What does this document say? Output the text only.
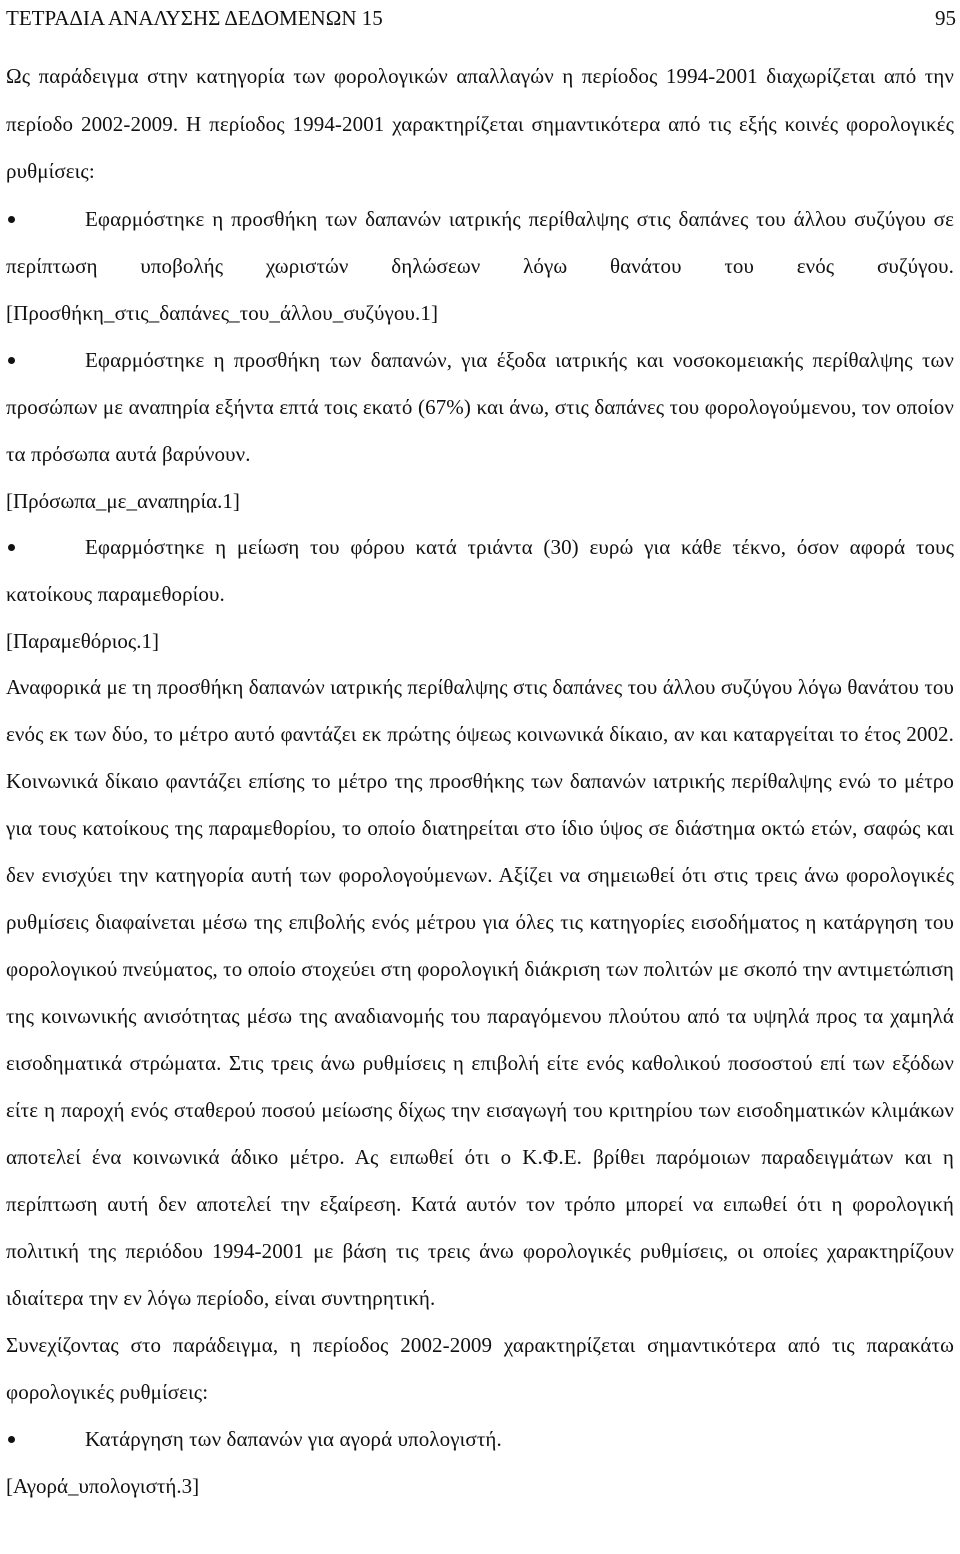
ΤΕΤΡΑΔΙΑ ΑΝΑΛΥΣΗΣ ΔΕΔΟΜΕΝΩΝ 15	95

Ως παράδειγμα στην κατηγορία των φορολογικών απαλλαγών η περίοδος 1994-2001 διαχωρίζεται από την περίοδο 2002-2009. Η περίοδος 1994-2001 χαρακτηρίζεται σημαντικότερα από τις εξής κοινές φορολογικές ρυθμίσεις:

Εφαρμόστηκε η προσθήκη των δαπανών ιατρικής περίθαλψης στις δαπάνες του άλλου συζύγου σε περίπτωση υποβολής χωριστών δηλώσεων λόγω θανάτου του ενός συζύγου. [Προσθήκη_στις_δαπάνες_του_άλλου_συζύγου.1]

Εφαρμόστηκε η προσθήκη των δαπανών, για έξοδα ιατρικής και νοσοκομειακής περίθαλψης των προσώπων με αναπηρία εξήντα επτά τοις εκατό (67%) και άνω, στις δαπάνες του φορολογούμενου, τον οποίον τα πρόσωπα αυτά βαρύνουν.

[Πρόσωπα_με_αναπηρία.1]

Εφαρμόστηκε η μείωση του φόρου κατά τριάντα (30) ευρώ για κάθε τέκνο, όσον αφορά τους κατοίκους παραμεθορίου.

[Παραμεθόριος.1]

Αναφορικά με τη προσθήκη δαπανών ιατρικής περίθαλψης στις δαπάνες του άλλου συζύγου λόγω θανάτου του ενός εκ των δύο, το μέτρο αυτό φαντάζει εκ πρώτης όψεως κοινωνικά δίκαιο, αν και καταργείται το έτος 2002. Κοινωνικά δίκαιο φαντάζει επίσης το μέτρο της προσθήκης των δαπανών ιατρικής περίθαλψης ενώ το μέτρο για τους κατοίκους της παραμεθορίου, το οποίο διατηρείται στο ίδιο ύψος σε διάστημα οκτώ ετών, σαφώς και δεν ενισχύει την κατηγορία αυτή των φορολογούμενων. Αξίζει να σημειωθεί ότι στις τρεις άνω φορολογικές ρυθμίσεις διαφαίνεται μέσω της επιβολής ενός μέτρου για όλες τις κατηγορίες εισοδήματος η κατάργηση του φορολογικού πνεύματος, το οποίο στοχεύει στη φορολογική διάκριση των πολιτών με σκοπό την αντιμετώπιση της κοινωνικής ανισότητας μέσω της αναδιανομής του παραγόμενου πλούτου από τα υψηλά προς τα χαμηλά εισοδηματικά στρώματα. Στις τρεις άνω ρυθμίσεις η επιβολή είτε ενός καθολικού ποσοστού επί των εξόδων είτε η παροχή ενός σταθερού ποσού μείωσης δίχως την εισαγωγή του κριτηρίου των εισοδηματικών κλιμάκων αποτελεί ένα κοινωνικά άδικο μέτρο. Ας ειπωθεί ότι ο Κ.Φ.Ε. βρίθει παρόμοιων παραδειγμάτων και η περίπτωση αυτή δεν αποτελεί την εξαίρεση. Κατά αυτόν τον τρόπο μπορεί να ειπωθεί ότι η φορολογική πολιτική της περιόδου 1994-2001 με βάση τις τρεις άνω φορολογικές ρυθμίσεις, οι οποίες χαρακτηρίζουν ιδιαίτερα την εν λόγω περίοδο, είναι συντηρητική.

Συνεχίζοντας στο παράδειγμα, η περίοδος 2002-2009 χαρακτηρίζεται σημαντικότερα από τις παρακάτω φορολογικές ρυθμίσεις:

Κατάργηση των δαπανών για αγορά υπολογιστή.

[Αγορά_υπολογιστή.3]
